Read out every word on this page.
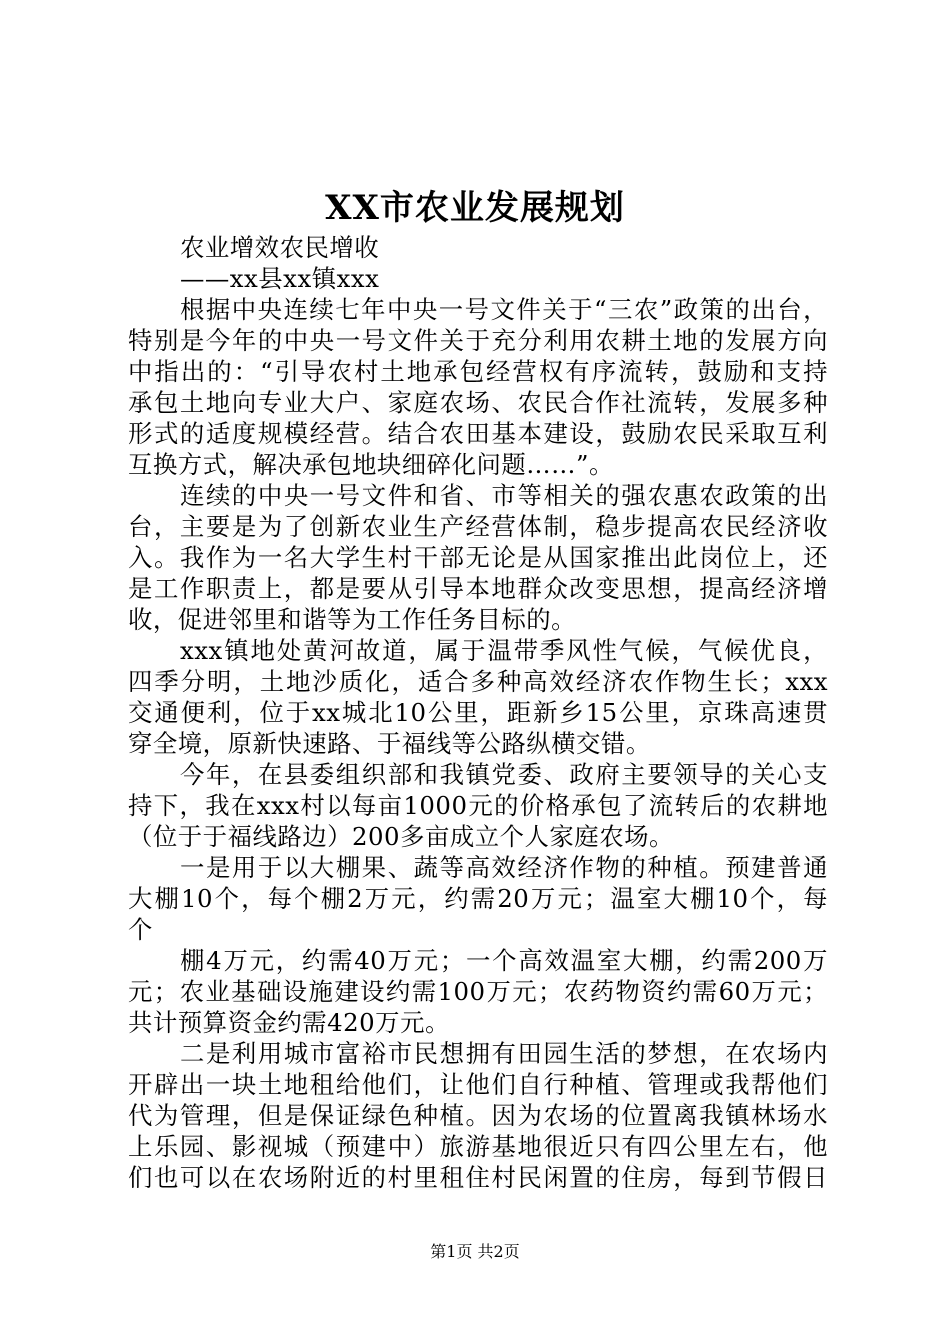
XX市农业发展规划
农业增效农民增收
——xx县xx镇xxx
根据中央连续七年中央一号文件关于“三农”政策的出台，
特别是今年的中央一号文件关于充分利用农耕土地的发展方向
中指出的：“引导农村土地承包经营权有序流转，鼓励和支持
承包土地向专业大户、家庭农场、农民合作社流转，发展多种
形式的适度规模经营。结合农田基本建设，鼓励农民采取互利
互换方式，解决承包地块细碎化问题……”。
连续的中央一号文件和省、市等相关的强农惠农政策的出
台，主要是为了创新农业生产经营体制，稳步提高农民经济收
入。我作为一名大学生村干部无论是从国家推出此岗位上，还
是工作职责上，都是要从引导本地群众改变思想，提高经济增
收，促进邻里和谐等为工作任务目标的。
xxx镇地处黄河故道，属于温带季风性气候，气候优良，
四季分明，土地沙质化，适合多种高效经济农作物生长；xxx
交通便利，位于xx城北10公里，距新乡15公里，京珠高速贯
穿全境，原新快速路、于福线等公路纵横交错。
今年，在县委组织部和我镇党委、政府主要领导的关心支
持下，我在xxx村以每亩1000元的价格承包了流转后的农耕地
（位于于福线路边）200多亩成立个人家庭农场。
一是用于以大棚果、蔬等高效经济作物的种植。预建普通
大棚10个，每个棚2万元，约需20万元；温室大棚10个，每
个
棚4万元，约需40万元；一个高效温室大棚，约需200万
元；农业基础设施建设约需100万元；农药物资约需60万元；
共计预算资金约需420万元。
二是利用城市富裕市民想拥有田园生活的梦想，在农场内
开辟出一块土地租给他们，让他们自行种植、管理或我帮他们
代为管理，但是保证绿色种植。因为农场的位置离我镇林场水
上乐园、影视城（预建中）旅游基地很近只有四公里左右，他
们也可以在农场附近的村里租住村民闲置的住房，每到节假日
第1页 共2页
